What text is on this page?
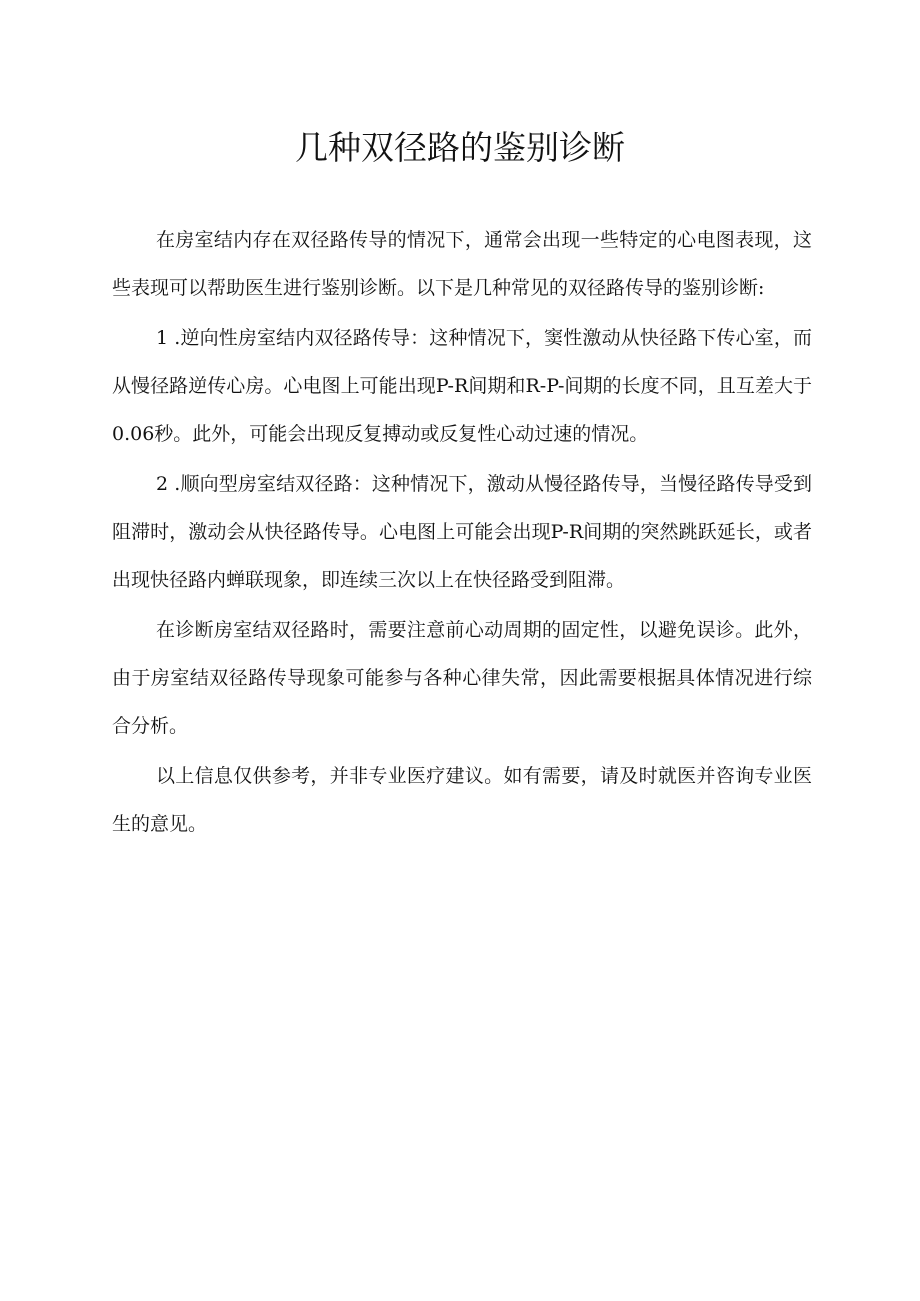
几种双径路的鉴别诊断

在房室结内存在双径路传导的情况下，通常会出现一些特定的心电图表现，这些表现可以帮助医生进行鉴别诊断。以下是几种常见的双径路传导的鉴别诊断:

1 .逆向性房室结内双径路传导：这种情况下，窦性激动从快径路下传心室，而从慢径路逆传心房。心电图上可能出现P-R间期和R-P-间期的长度不同，且互差大于0.06秒。此外，可能会出现反复搏动或反复性心动过速的情况。

2 .顺向型房室结双径路：这种情况下，激动从慢径路传导，当慢径路传导受到阻滞时，激动会从快径路传导。心电图上可能会出现P-R间期的突然跳跃延长，或者出现快径路内蝉联现象，即连续三次以上在快径路受到阻滞。

在诊断房室结双径路时，需要注意前心动周期的固定性，以避免误诊。此外，由于房室结双径路传导现象可能参与各种心律失常，因此需要根据具体情况进行综合分析。

以上信息仅供参考，并非专业医疗建议。如有需要，请及时就医并咨询专业医生的意见。
